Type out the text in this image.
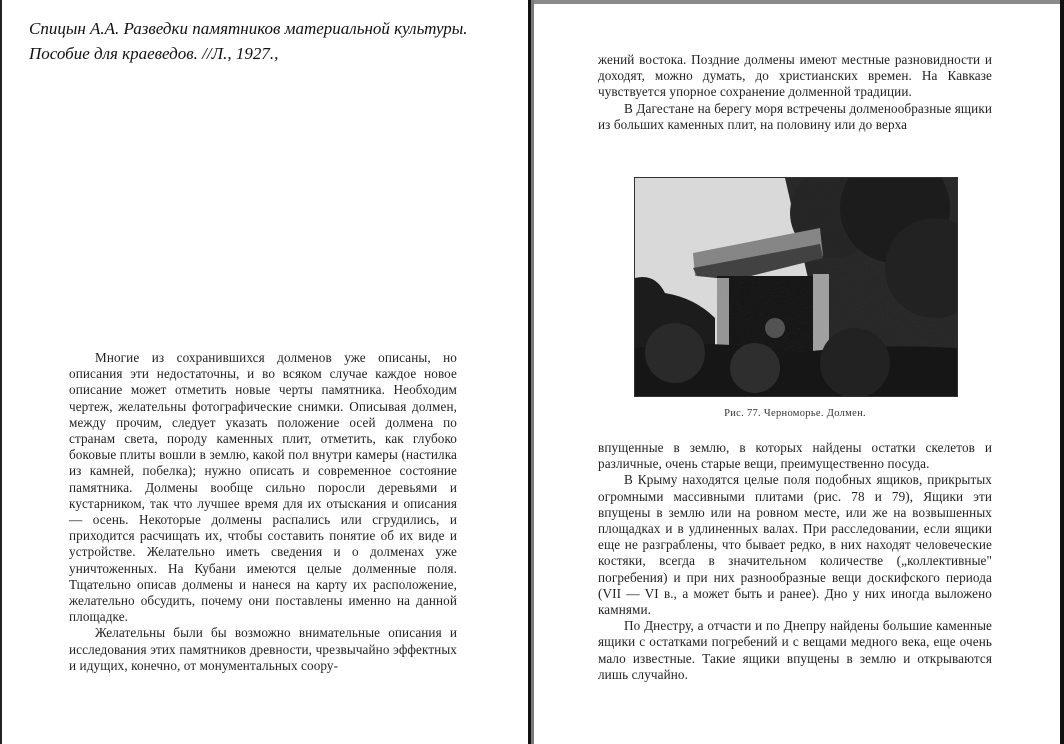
Спицын А.А. Разведки памятников материальной культуры.
Пособие для краеведов. //Л., 1927.,

Многие из сохранившихся долменов уже описаны, но описания эти недостаточны, и во всяком случае каждое новое описание может отметить новые черты памятника. Необходим чертеж, желательны фотографические снимки. Описывая долмен, между прочим, следует указать положение осей долмена по странам света, породу каменных плит, отметить, как глубоко боковые плиты вошли в землю, какой пол внутри камеры (настилка из камней, побелка); нужно описать и современное состояние памятника. Долмены вообще сильно поросли деревьями и кустарником, так что лучшее время для их отыскания и описания — осень. Некоторые долмены распались или сгрудились, и приходится расчищать их, чтобы составить понятие об их виде и устройстве. Желательно иметь сведения и о долменах уже уничтоженных. На Кубани имеются целые долменные поля. Тщательно описав долмены и нанеся на карту их расположение, желательно обсудить, почему они поставлены именно на данной площадке.

Желательны были бы возможно внимательные описания и исследования этих памятников древности, чрезвычайно эффектных и идущих, конечно, от монументальных соору-

жений востока. Поздние долмены имеют местные разновидности и доходят, можно думать, до христианских времен. На Кавказе чувствуется упорное сохранение долменной традиции.

В Дагестане на берегу моря встречены долменообразные ящики из больших каменных плит, на половину или до верха

Рис. 77. Черноморье. Долмен.

впущенные в землю, в которых найдены остатки скелетов и различные, очень старые вещи, преимущественно посуда.

В Крыму находятся целые поля подобных ящиков, прикрытых огромными массивными плитами (рис. 78 и 79), Ящики эти впущены в землю или на ровном месте, или же на возвышенных площадках и в удлиненных валах. При расследовании, если ящики еще не разграблены, что бывает редко, в них находят человеческие костяки, всегда в значительном количестве („коллективные" погребения) и при них разнообразные вещи доскифского периода (VII — VI в., а может быть и ранее). Дно у них иногда выложено камнями.

По Днестру, а отчасти и по Днепру найдены большие каменные ящики с остатками погребений и с вещами медного века, еще очень мало известные. Такие ящики впущены в землю и открываются лишь случайно.
